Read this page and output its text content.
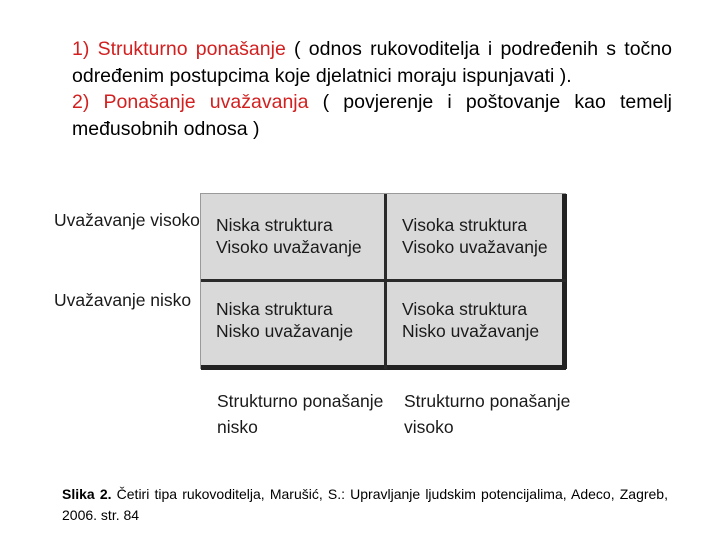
1) Strukturno ponašanje ( odnos rukovoditelja i podređenih s točno određenim postupcima koje djelatnici moraju ispunjavati ).

2) Ponašanje uvažavanja ( povjerenje i poštovanje kao temelj međusobnih odnosa )

Uvažavanje visoko
Uvažavanje nisko
Niska struktura
Visoko uvažavanje
Visoka struktura
Visoko uvažavanje
Niska struktura
Nisko uvažavanje
Visoka struktura
Nisko uvažavanje
Strukturno ponašanje
nisko
Strukturno ponašanje
visoko
Slika 2. Četiri tipa rukovoditelja, Marušić, S.: Upravljanje ljudskim potencijalima, Adeco, Zagreb, 2006. str. 84
